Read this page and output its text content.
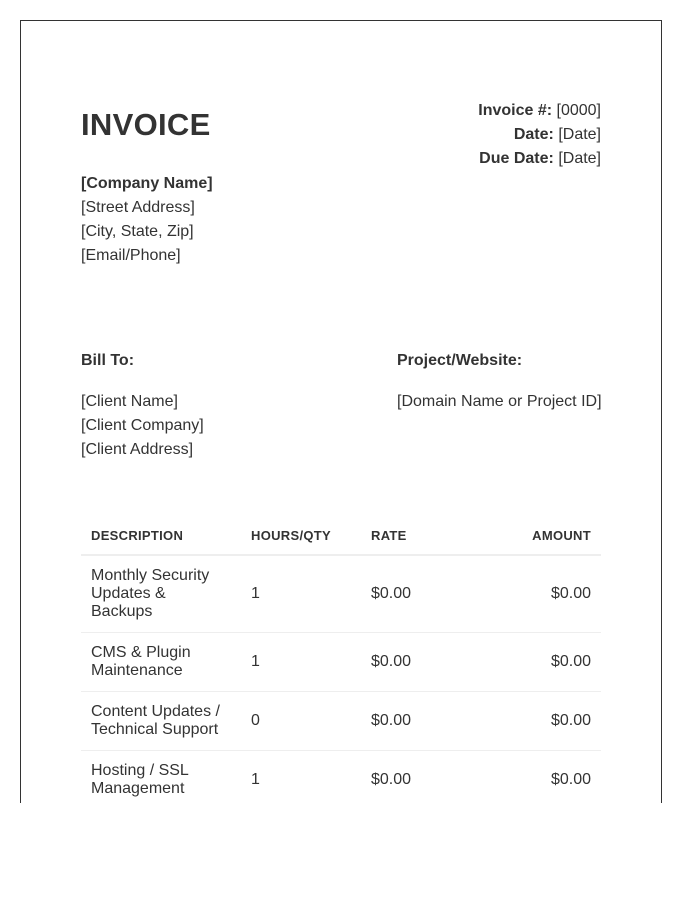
INVOICE	Invoice #: [0000]
Date: [Date]
Due Date: [Date]
[Company Name]
[Street Address]
[City, State, Zip]
[Email/Phone]
Bill To:	Project/Website:
[Client Name]
[Client Company]
[Client Address]
[Domain Name or Project ID]
DESCRIPTION	HOURS/QTY	RATE	AMOUNT
Monthly Security Updates & Backups	1	$0.00	$0.00
CMS & Plugin Maintenance	1	$0.00	$0.00
Content Updates / Technical Support	0	$0.00	$0.00
Hosting / SSL Management	1	$0.00	$0.00
